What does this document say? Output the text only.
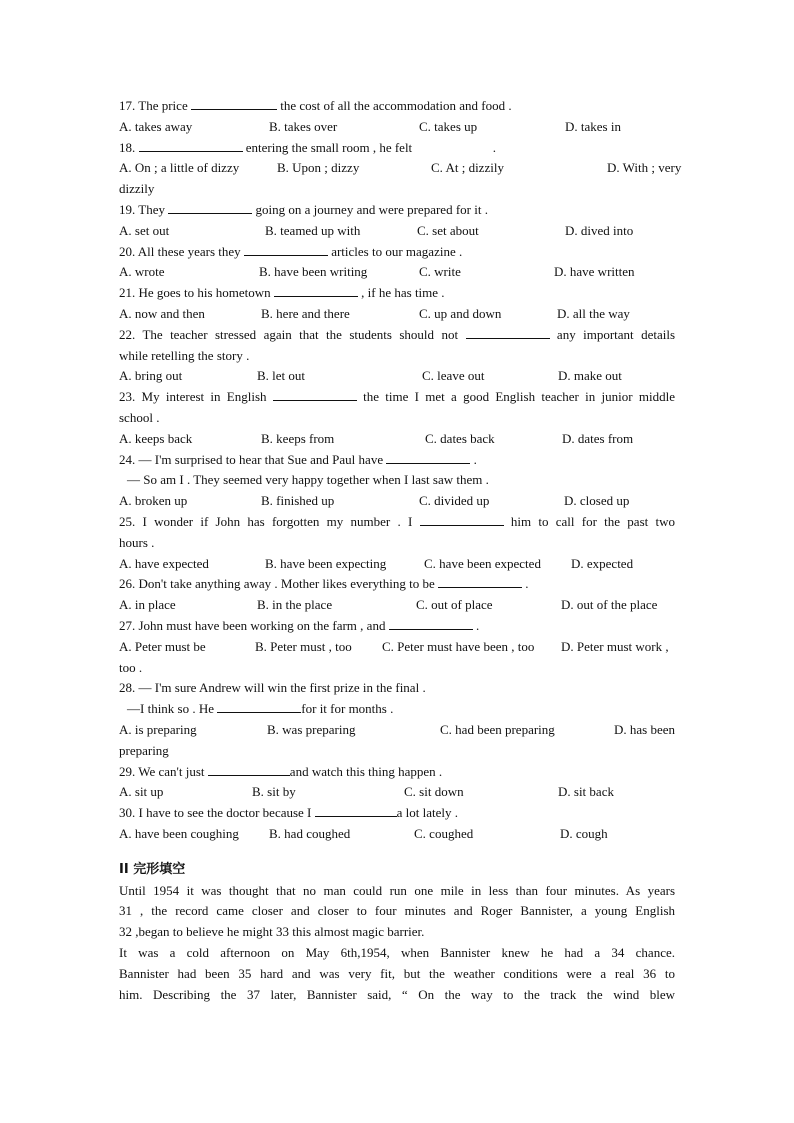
17. The price	the cost of all the accommodation and food .
A. takes away	B. takes over	C. takes up	D. takes in
18.	entering the small room , he felt	.
A. On ; a little of dizzy	B. Upon ; dizzy	C. At ; dizzily	D. With ; very
dizzily
19. They	going on a journey and were prepared for it .
A. set out	B. teamed up with	C. set about	D. dived into
20. All these years they	articles to our magazine .
A. wrote	B. have been writing	C. write	D. have written
21. He goes to his hometown	, if he has time .
A. now and then	B. here and there	C. up and down	D. all the way
22. The teacher stressed again that the students should not	any important details
while retelling the story .
A. bring out	B. let out	C. leave out	D. make out
23. My interest in English	the time I met a good English teacher in junior middle
school .
A. keeps back	B. keeps from	C. dates back	D. dates from
24. — I'm surprised to hear that Sue and Paul have	.
— So am I . They seemed very happy together when I last saw them .
A. broken up	B. finished up	C. divided up	D. closed up
25. I wonder if John has forgotten my number . I	him to call for the past two
hours .
A. have expected	B. have been expecting	C. have been expected	D. expected
26. Don't take anything away . Mother likes everything to be	.
A. in place	B. in the place	C. out of place	D. out of the place
27. John must have been working on the farm , and	.
A. Peter must be	B. Peter must , too	C. Peter must have been , too	D. Peter must work ,
too .
28. — I'm sure Andrew will win the first prize in the final .
—I think so . He	for it for months .
A. is preparing	B. was preparing	C. had been preparing	D. has been
preparing
29. We can't just	and watch this thing happen .
A. sit up	B. sit by	C. sit down	D. sit back
30. I have to see the doctor because I	a lot lately .
A. have been coughing	B. had coughed	C. coughed	D. cough
II 完形填空
Until 1954 it was thought that no man could run one mile in less than four minutes. As years
31 , the record came closer and closer to four minutes and Roger Bannister, a young English
32 ,began to believe he might 33 this almost magic barrier.
It was a cold afternoon on May 6th,1954, when Bannister knew he had a 34 chance.
Bannister had been 35 hard and was very fit, but the weather conditions were a real 36 to
him. Describing the 37 later, Bannister said, “ On the way to the track the wind blew
